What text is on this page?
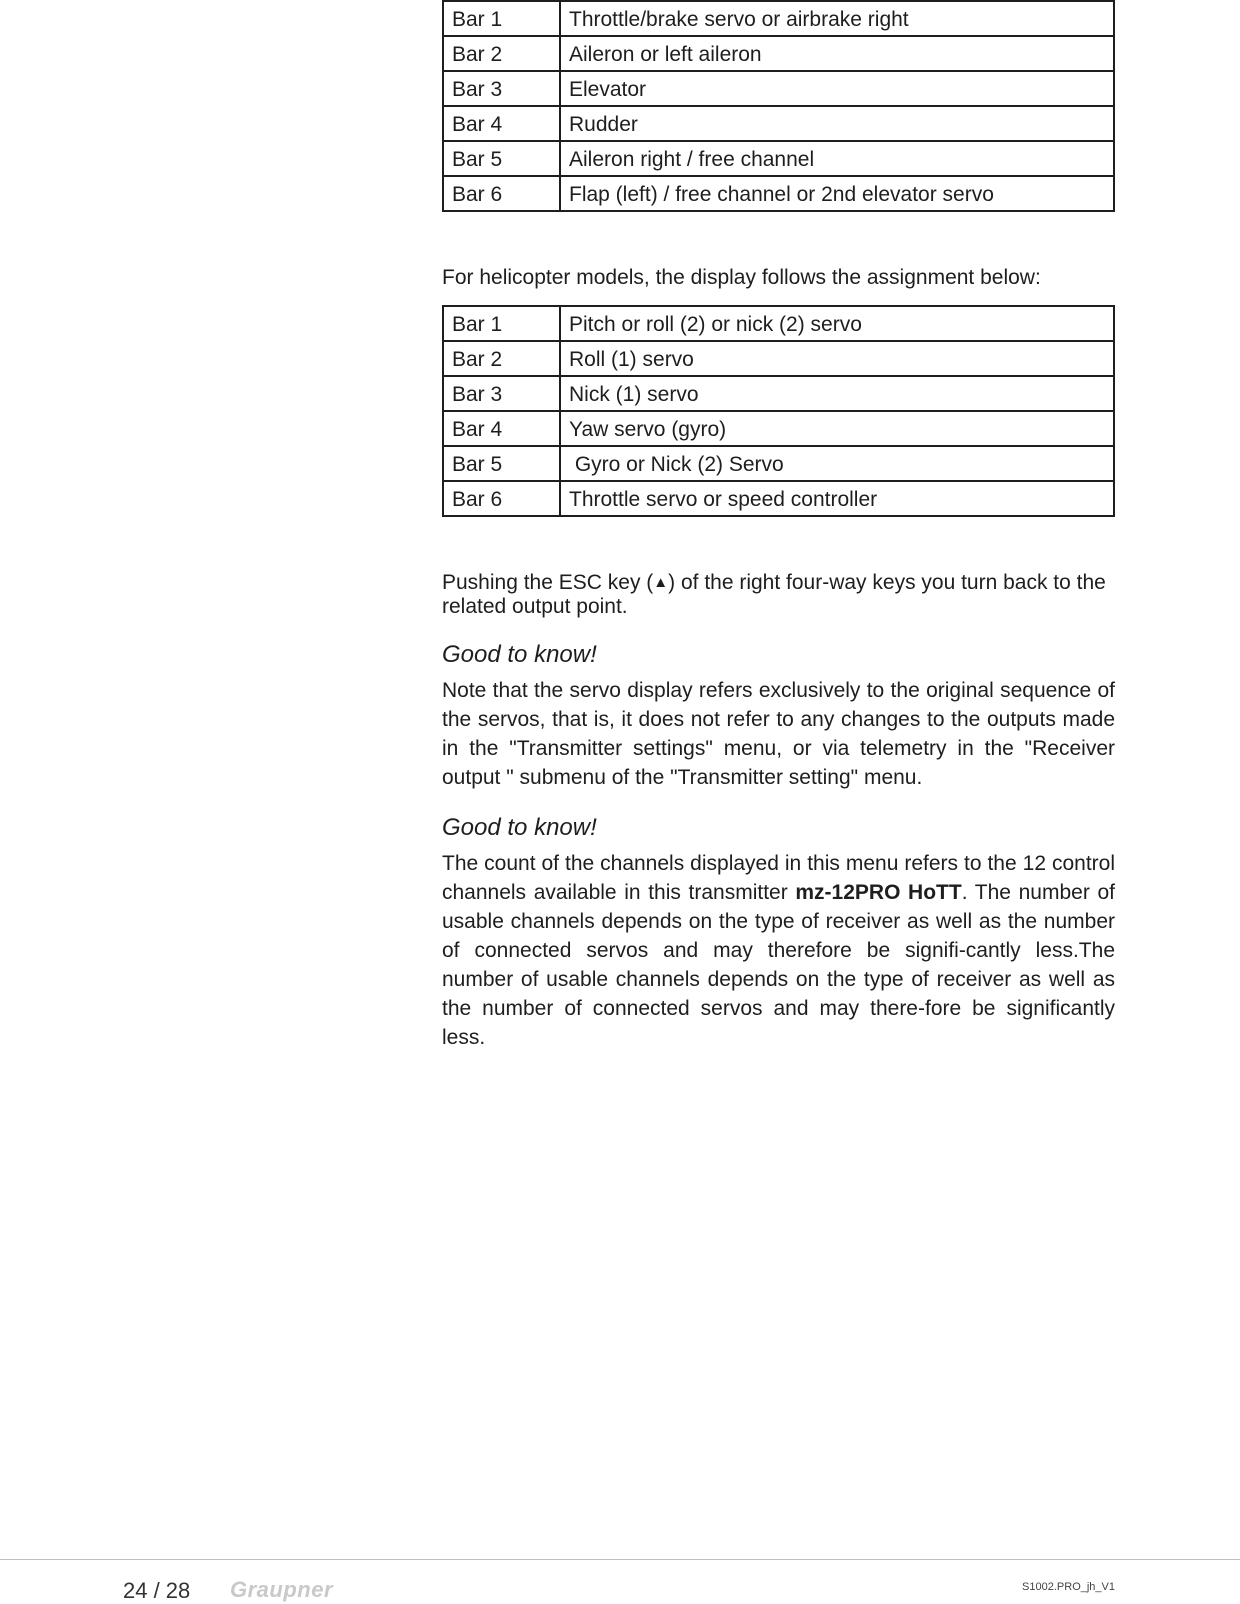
Bar 1	Throttle/brake servo or airbrake right
Bar 2	Aileron or left aileron
Bar 3	Elevator
Bar 4	Rudder
Bar 5	Aileron right / free channel
Bar 6	Flap (left) / free channel or 2nd elevator servo

For helicopter models, the display follows the assignment below:

Bar 1	Pitch or roll (2) or nick (2) servo
Bar 2	Roll (1) servo
Bar 3	Nick (1) servo
Bar 4	Yaw servo (gyro)
Bar 5	Gyro or Nick (2) Servo
Bar 6	Throttle servo or speed controller

Pushing the ESC key (▲) of the right four-way keys you turn back to the related output point.

Good to know!

Note that the servo display refers exclusively to the original sequence of the servos, that is, it does not refer to any changes to the outputs made in the "Transmitter settings" menu, or via telemetry in the "Receiver output " submenu of the "Transmitter setting" menu.

Good to know!

The count of the channels displayed in this menu refers to the 12 control channels available in this transmitter mz-12PRO HoTT. The number of usable channels depends on the type of receiver as well as the number of connected servos and may therefore be signifi-cantly less.The number of usable channels depends on the type of receiver as well as the number of connected servos and may there-fore be significantly less.

24 / 28 Graupner	S1002.PRO_jh_V1
